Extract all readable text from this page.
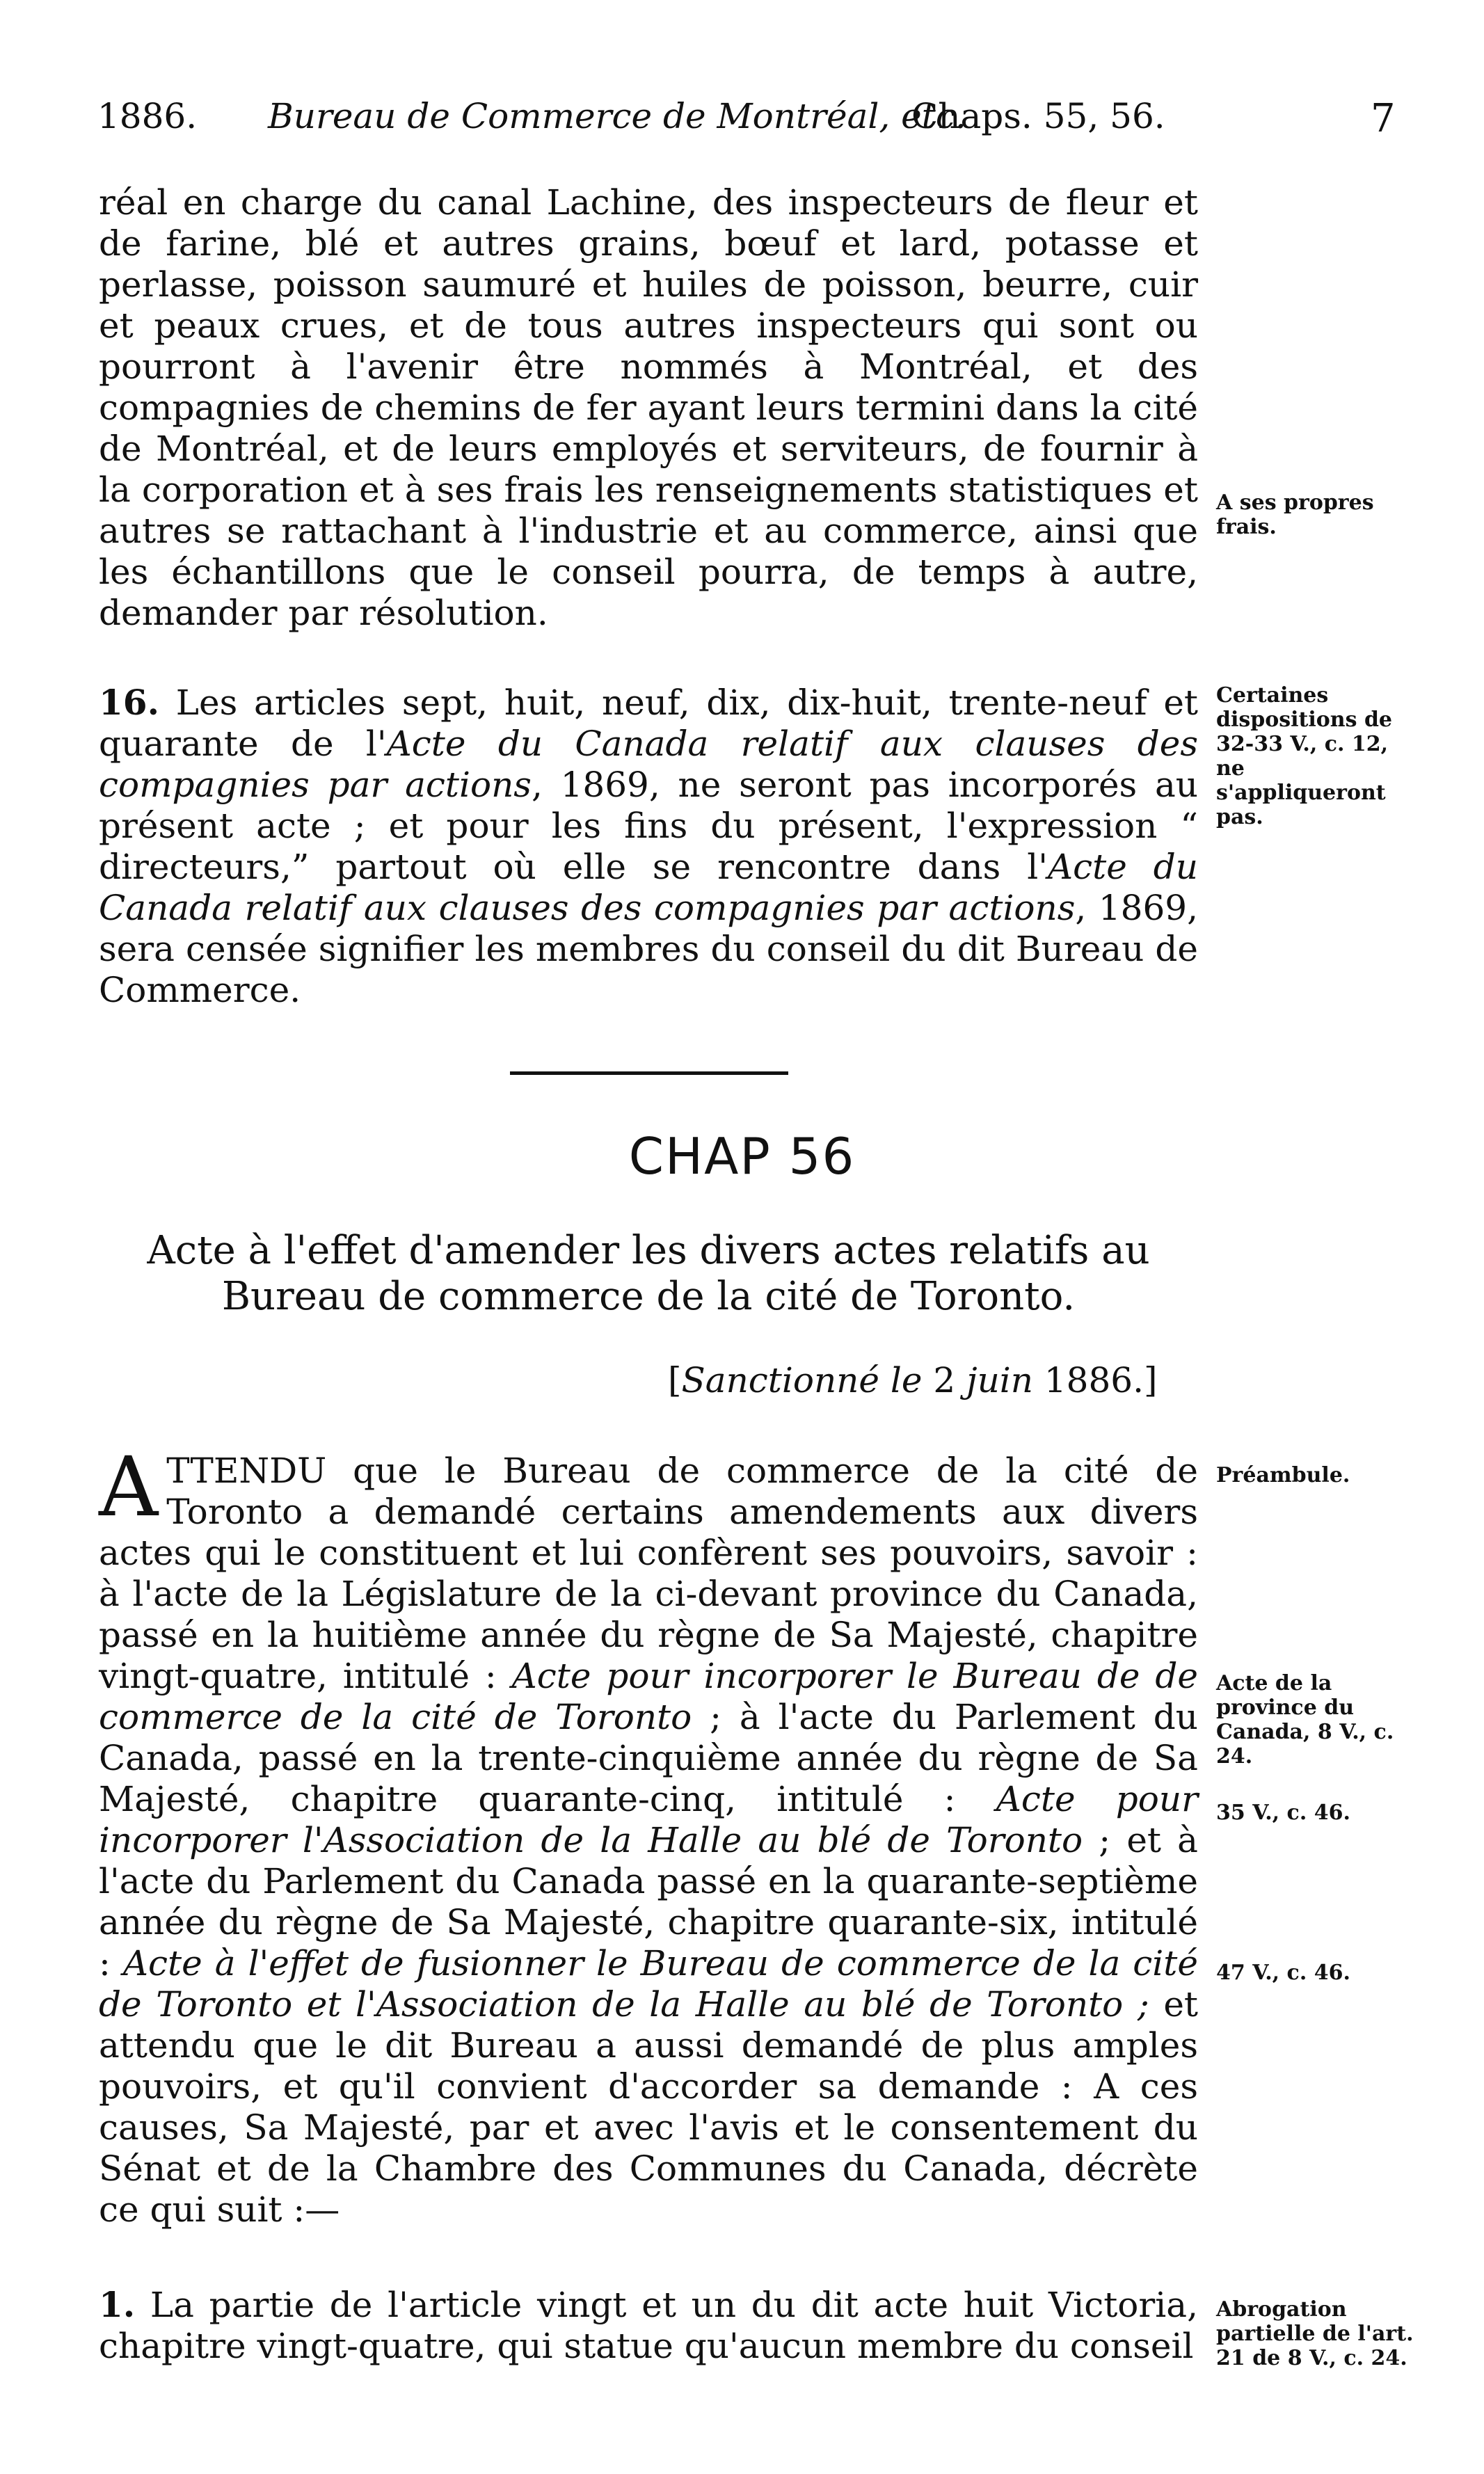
1886. Bureau de Commerce de Montréal, etc.
Chaps. 55, 56.	7

réal en charge du canal Lachine, des inspecteurs de fleur et de farine, blé et autres grains, bœuf et lard, potasse et perlasse, poisson saumuré et huiles de poisson, beurre, cuir et peaux crues, et de tous autres inspecteurs qui sont ou pourront à l'avenir être nommés à Montréal, et des compagnies de chemins de fer ayant leurs termini dans la cité de Montréal, et de leurs employés et serviteurs, de fournir à la corporation et à ses frais les renseignements statistiques et autres se rattachant à l'industrie et au commerce, ainsi que les échantillons que le conseil pourra, de temps à autre, demander par résolution.

A ses propres frais.

16. Les articles sept, huit, neuf, dix, dix-huit, trente-neuf et quarante de l'Acte du Canada relatif aux clauses des compagnies par actions, 1869, ne seront pas incorporés au présent acte ; et pour les fins du présent, l'expression “ directeurs,” partout où elle se rencontre dans l'Acte du Canada relatif aux clauses des compagnies par actions, 1869, sera censée signifier les membres du conseil du dit Bureau de Commerce.

Certaines dispositions de 32-33 V., c. 12, ne s'appliqueront pas.
CHAP 56
Acte à l'effet d'amender les divers actes relatifs au Bureau de commerce de la cité de Toronto.
[Sanctionné le 2 juin 1886.]

ATTENDU que le Bureau de commerce de la cité de Toronto a demandé certains amendements aux divers actes qui le constituent et lui confèrent ses pouvoirs, savoir : à l'acte de la Législature de la ci-devant province du Canada, passé en la huitième année du règne de Sa Majesté, chapitre vingt-quatre, intitulé : Acte pour incorporer le Bureau de de commerce de la cité de Toronto ; à l'acte du Parlement du Canada, passé en la trente-cinquième année du règne de Sa Majesté, chapitre quarante-cinq, intitulé : Acte pour incorporer l'Association de la Halle au blé de Toronto ; et à l'acte du Parlement du Canada passé en la quarante-septième année du règne de Sa Majesté, chapitre quarante-six, intitulé : Acte à l'effet de fusionner le Bureau de commerce de la cité de Toronto et l'Association de la Halle au blé de Toronto ; et attendu que le dit Bureau a aussi demandé de plus amples pouvoirs, et qu'il convient d'accorder sa demande : A ces causes, Sa Majesté, par et avec l'avis et le consentement du Sénat et de la Chambre des Communes du Canada, décrète ce qui suit :—

Préambule.
Acte de la province du Canada, 8 V., c. 24.
35 V., c. 46.
47 V., c. 46.

1. La partie de l'article vingt et un du dit acte huit Victoria, chapitre vingt-quatre, qui statue qu'aucun membre du conseil

Abrogation partielle de l'art. 21 de 8 V., c. 24.
